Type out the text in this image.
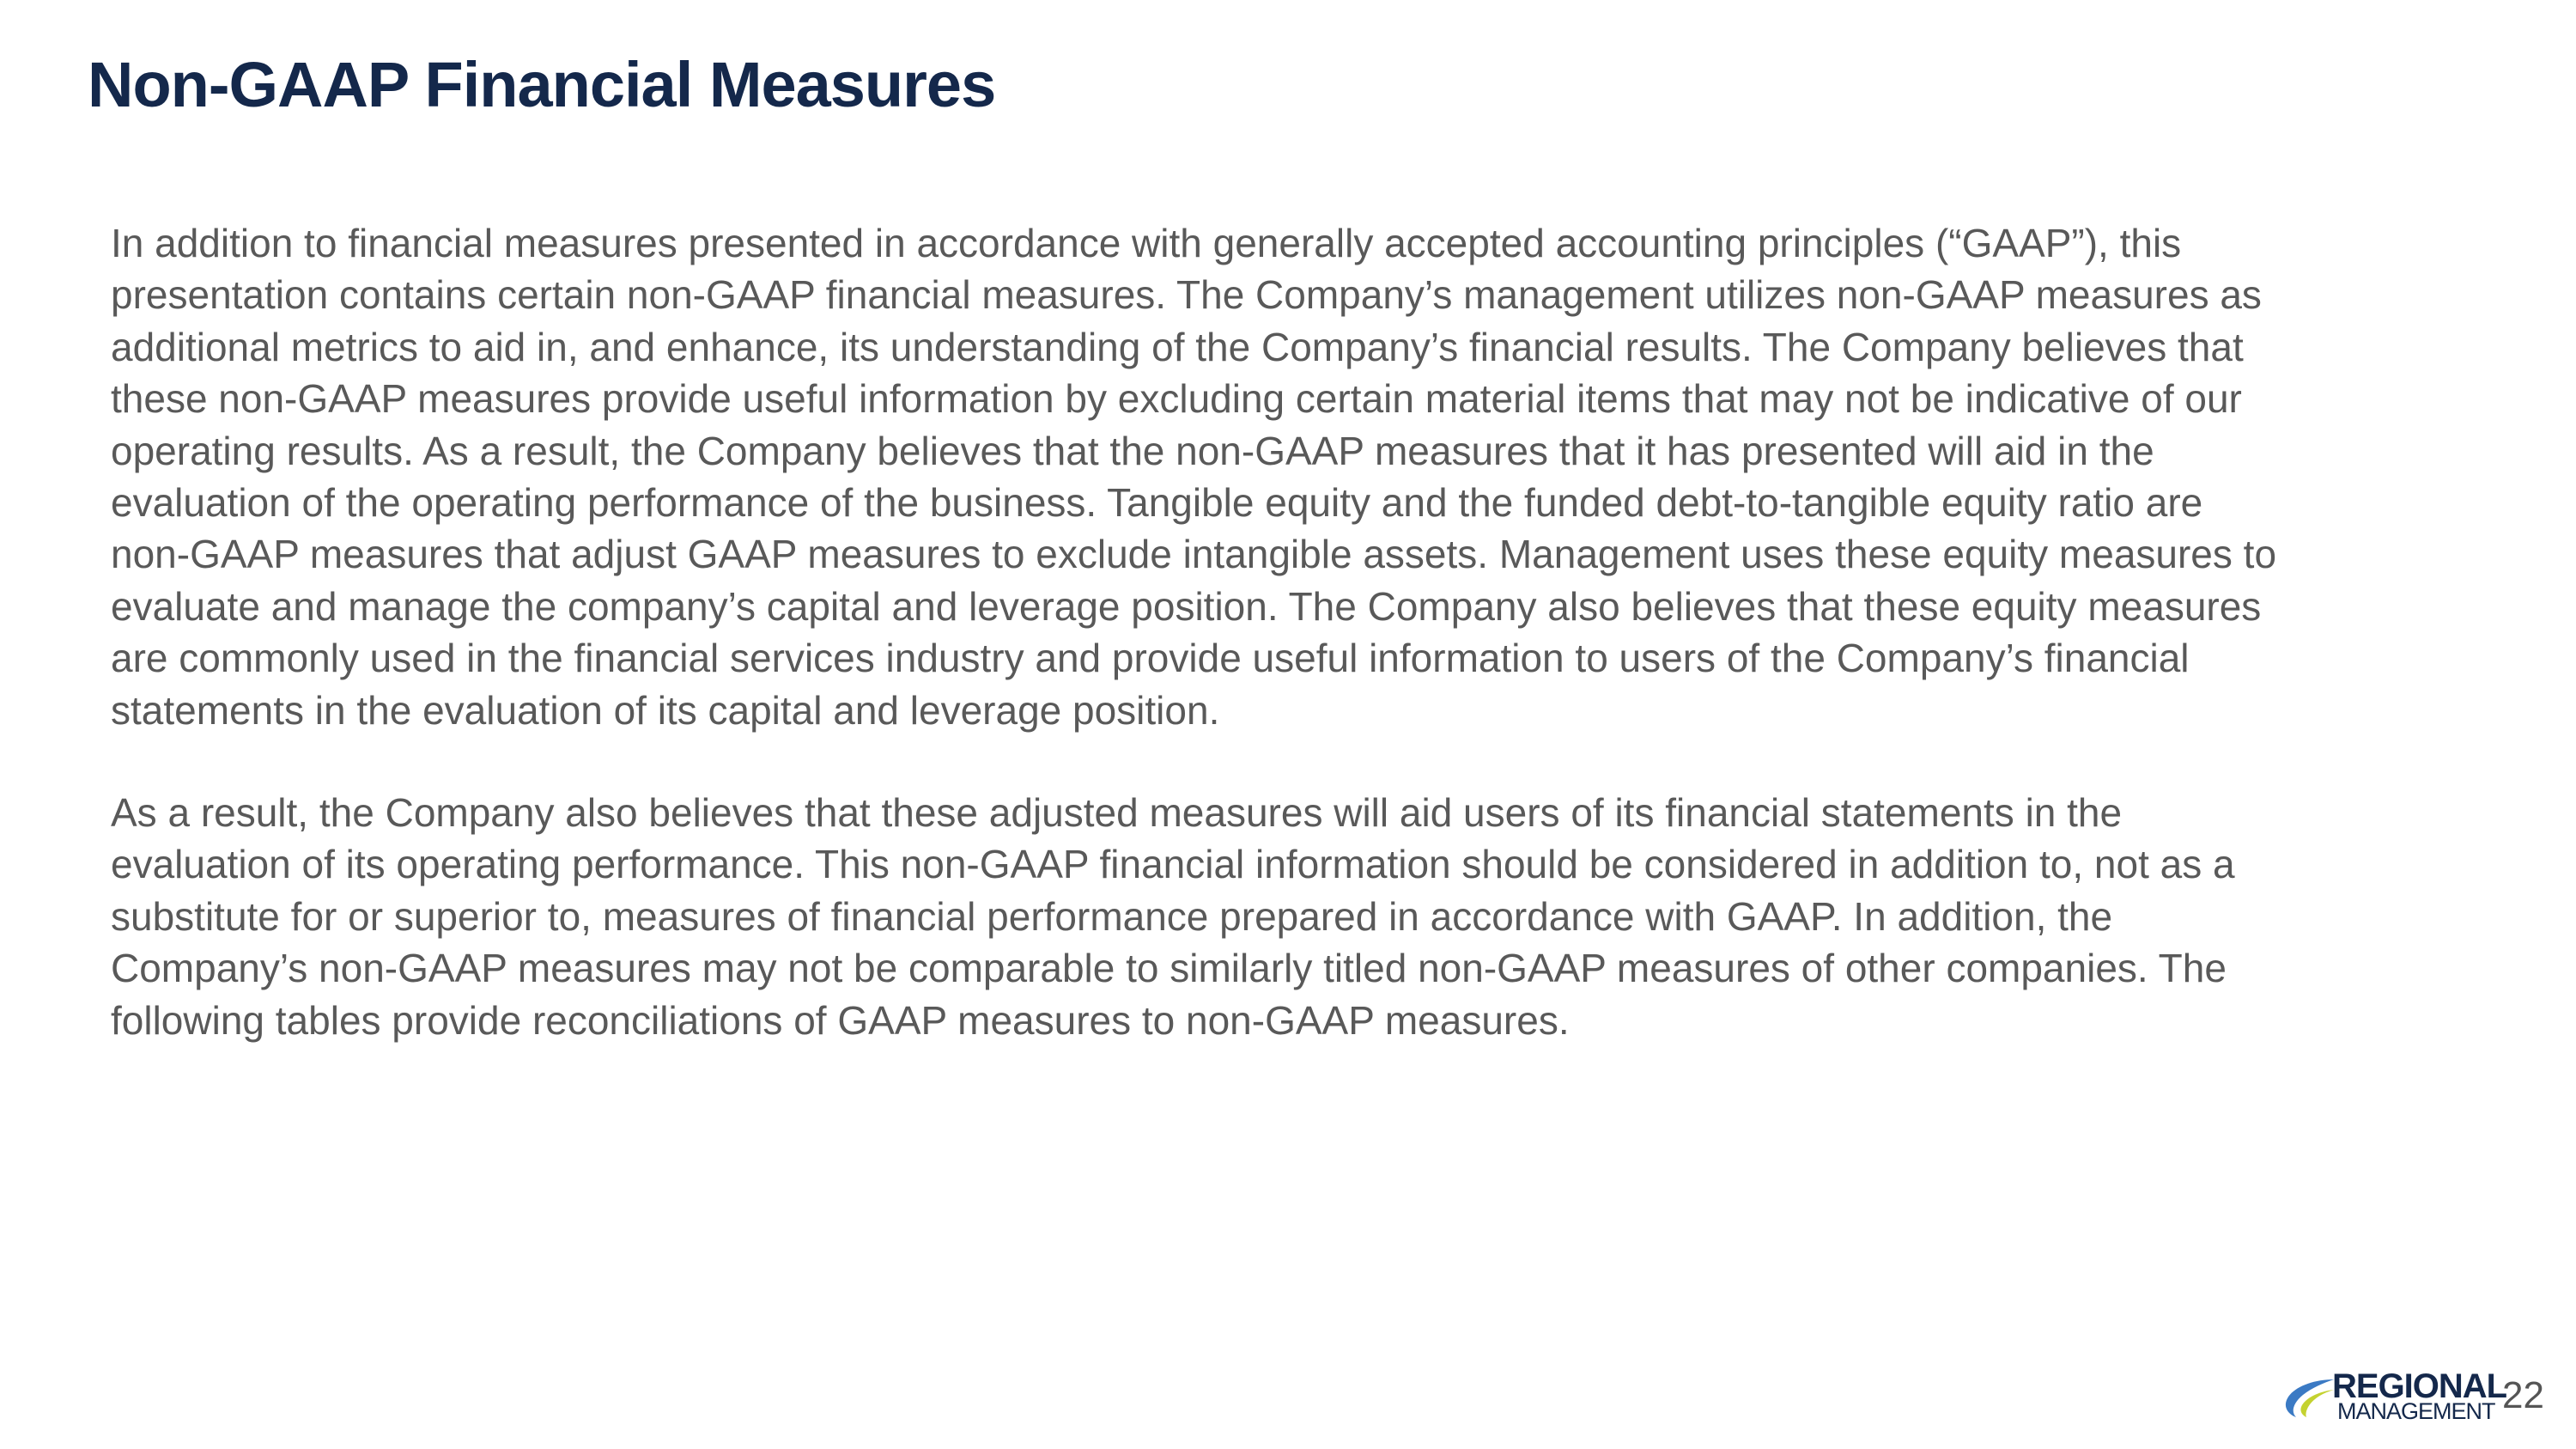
Non-GAAP Financial Measures
In addition to financial measures presented in accordance with generally accepted accounting principles (“GAAP”), this
presentation contains certain non-GAAP financial measures. The Company’s management utilizes non-GAAP measures as
additional metrics to aid in, and enhance, its understanding of the Company’s financial results. The Company believes that
these non-GAAP measures provide useful information by excluding certain material items that may not be indicative of our
operating results. As a result, the Company believes that the non-GAAP measures that it has presented will aid in the
evaluation of the operating performance of the business. Tangible equity and the funded debt-to-tangible equity ratio are
non-GAAP measures that adjust GAAP measures to exclude intangible assets. Management uses these equity measures to
evaluate and manage the company’s capital and leverage position. The Company also believes that these equity measures
are commonly used in the financial services industry and provide useful information to users of the Company’s financial
statements in the evaluation of its capital and leverage position.
As a result, the Company also believes that these adjusted measures will aid users of its financial statements in the
evaluation of its operating performance. This non-GAAP financial information should be considered in addition to, not as a
substitute for or superior to, measures of financial performance prepared in accordance with GAAP. In addition, the
Company’s non-GAAP measures may not be comparable to similarly titled non-GAAP measures of other companies. The
following tables provide reconciliations of GAAP measures to non-GAAP measures.
REGIONAL
MANAGEMENT 22
